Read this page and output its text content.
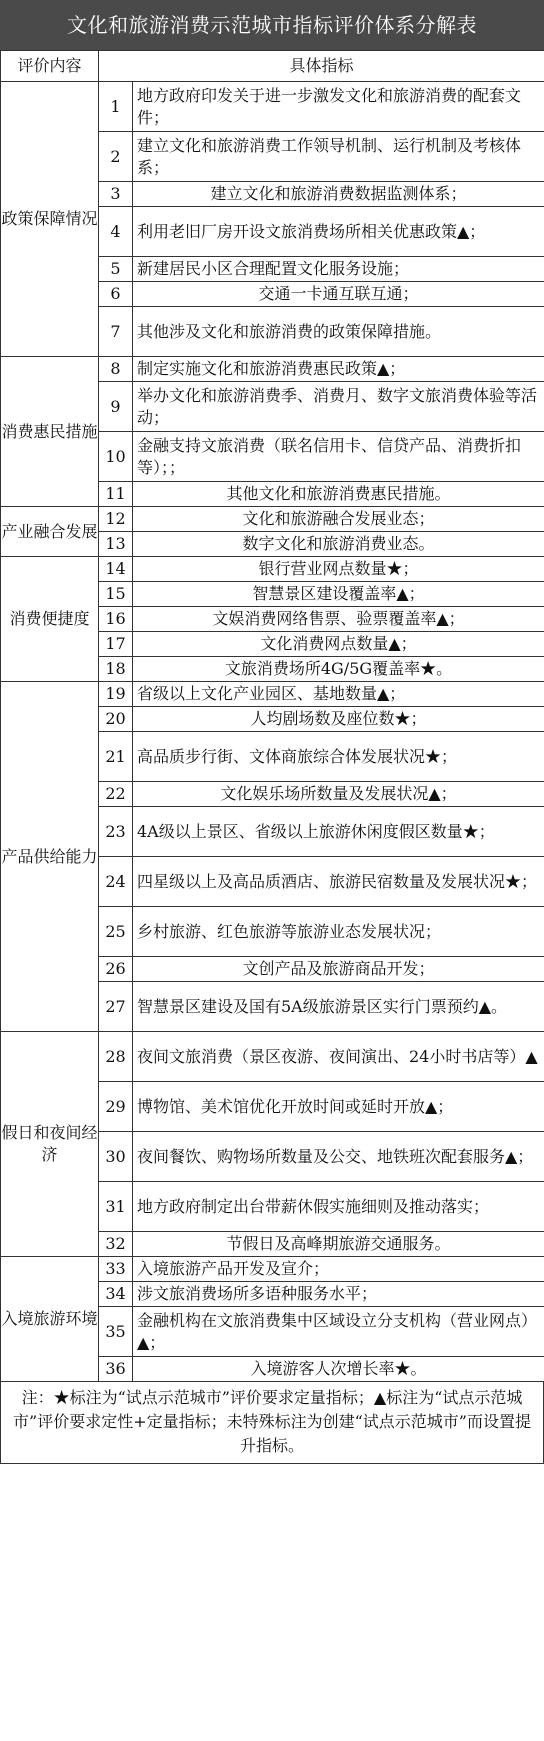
文化和旅游消费示范城市指标评价体系分解表
评价内容	具体指标	
政策保障情况	1	地方政府印发关于进一步激发文化和旅游消费的配套文件；
	2	建立文化和旅游消费工作领导机制、运行机制及考核体系；
	3	建立文化和旅游消费数据监测体系；
	4	利用老旧厂房开设文旅消费场所相关优惠政策▲；
	5	新建居民小区合理配置文化服务设施；
	6	交通一卡通互联互通；
	7	其他涉及文化和旅游消费的政策保障措施。
消费惠民措施	8	制定实施文化和旅游消费惠民政策▲；
	9	举办文化和旅游消费季、消费月、数字文旅消费体验等活动；
	10	金融支持文旅消费（联名信用卡、信贷产品、消费折扣等）；；
	11	其他文化和旅游消费惠民措施。
产业融合发展	12	文化和旅游融合发展业态；
	13	数字文化和旅游消费业态。
消费便捷度	14	银行营业网点数量★；
	15	智慧景区建设覆盖率▲；
	16	文娱消费网络售票、验票覆盖率▲；
	17	文化消费网点数量▲；
	18	文旅消费场所4G/5G覆盖率★。
产品供给能力	19	省级以上文化产业园区、基地数量▲；
	20	人均剧场数及座位数★；
	21	高品质步行街、文体商旅综合体发展状况★；
	22	文化娱乐场所数量及发展状况▲；
	23	4A级以上景区、省级以上旅游休闲度假区数量★；
	24	四星级以上及高品质酒店、旅游民宿数量及发展状况★；
	25	乡村旅游、红色旅游等旅游业态发展状况；
	26	文创产品及旅游商品开发；
	27	智慧景区建设及国有5A级旅游景区实行门票预约▲。
假日和夜间经济	28	夜间文旅消费（景区夜游、夜间演出、24小时书店等）▲
	29	博物馆、美术馆优化开放时间或延时开放▲；
	30	夜间餐饮、购物场所数量及公交、地铁班次配套服务▲；
	31	地方政府制定出台带薪休假实施细则及推动落实；
	32	节假日及高峰期旅游交通服务。
入境旅游环境	33	入境旅游产品开发及宣介；
	34	涉文旅消费场所多语种服务水平；
	35	金融机构在文旅消费集中区域设立分支机构（营业网点）▲；
	36	入境游客人次增长率★。
注：★标注为“试点示范城市”评价要求定量指标；▲标注为“试点示范城市”评价要求定性+定量指标；未特殊标注为创建“试点示范城市”而设置提升指标。
